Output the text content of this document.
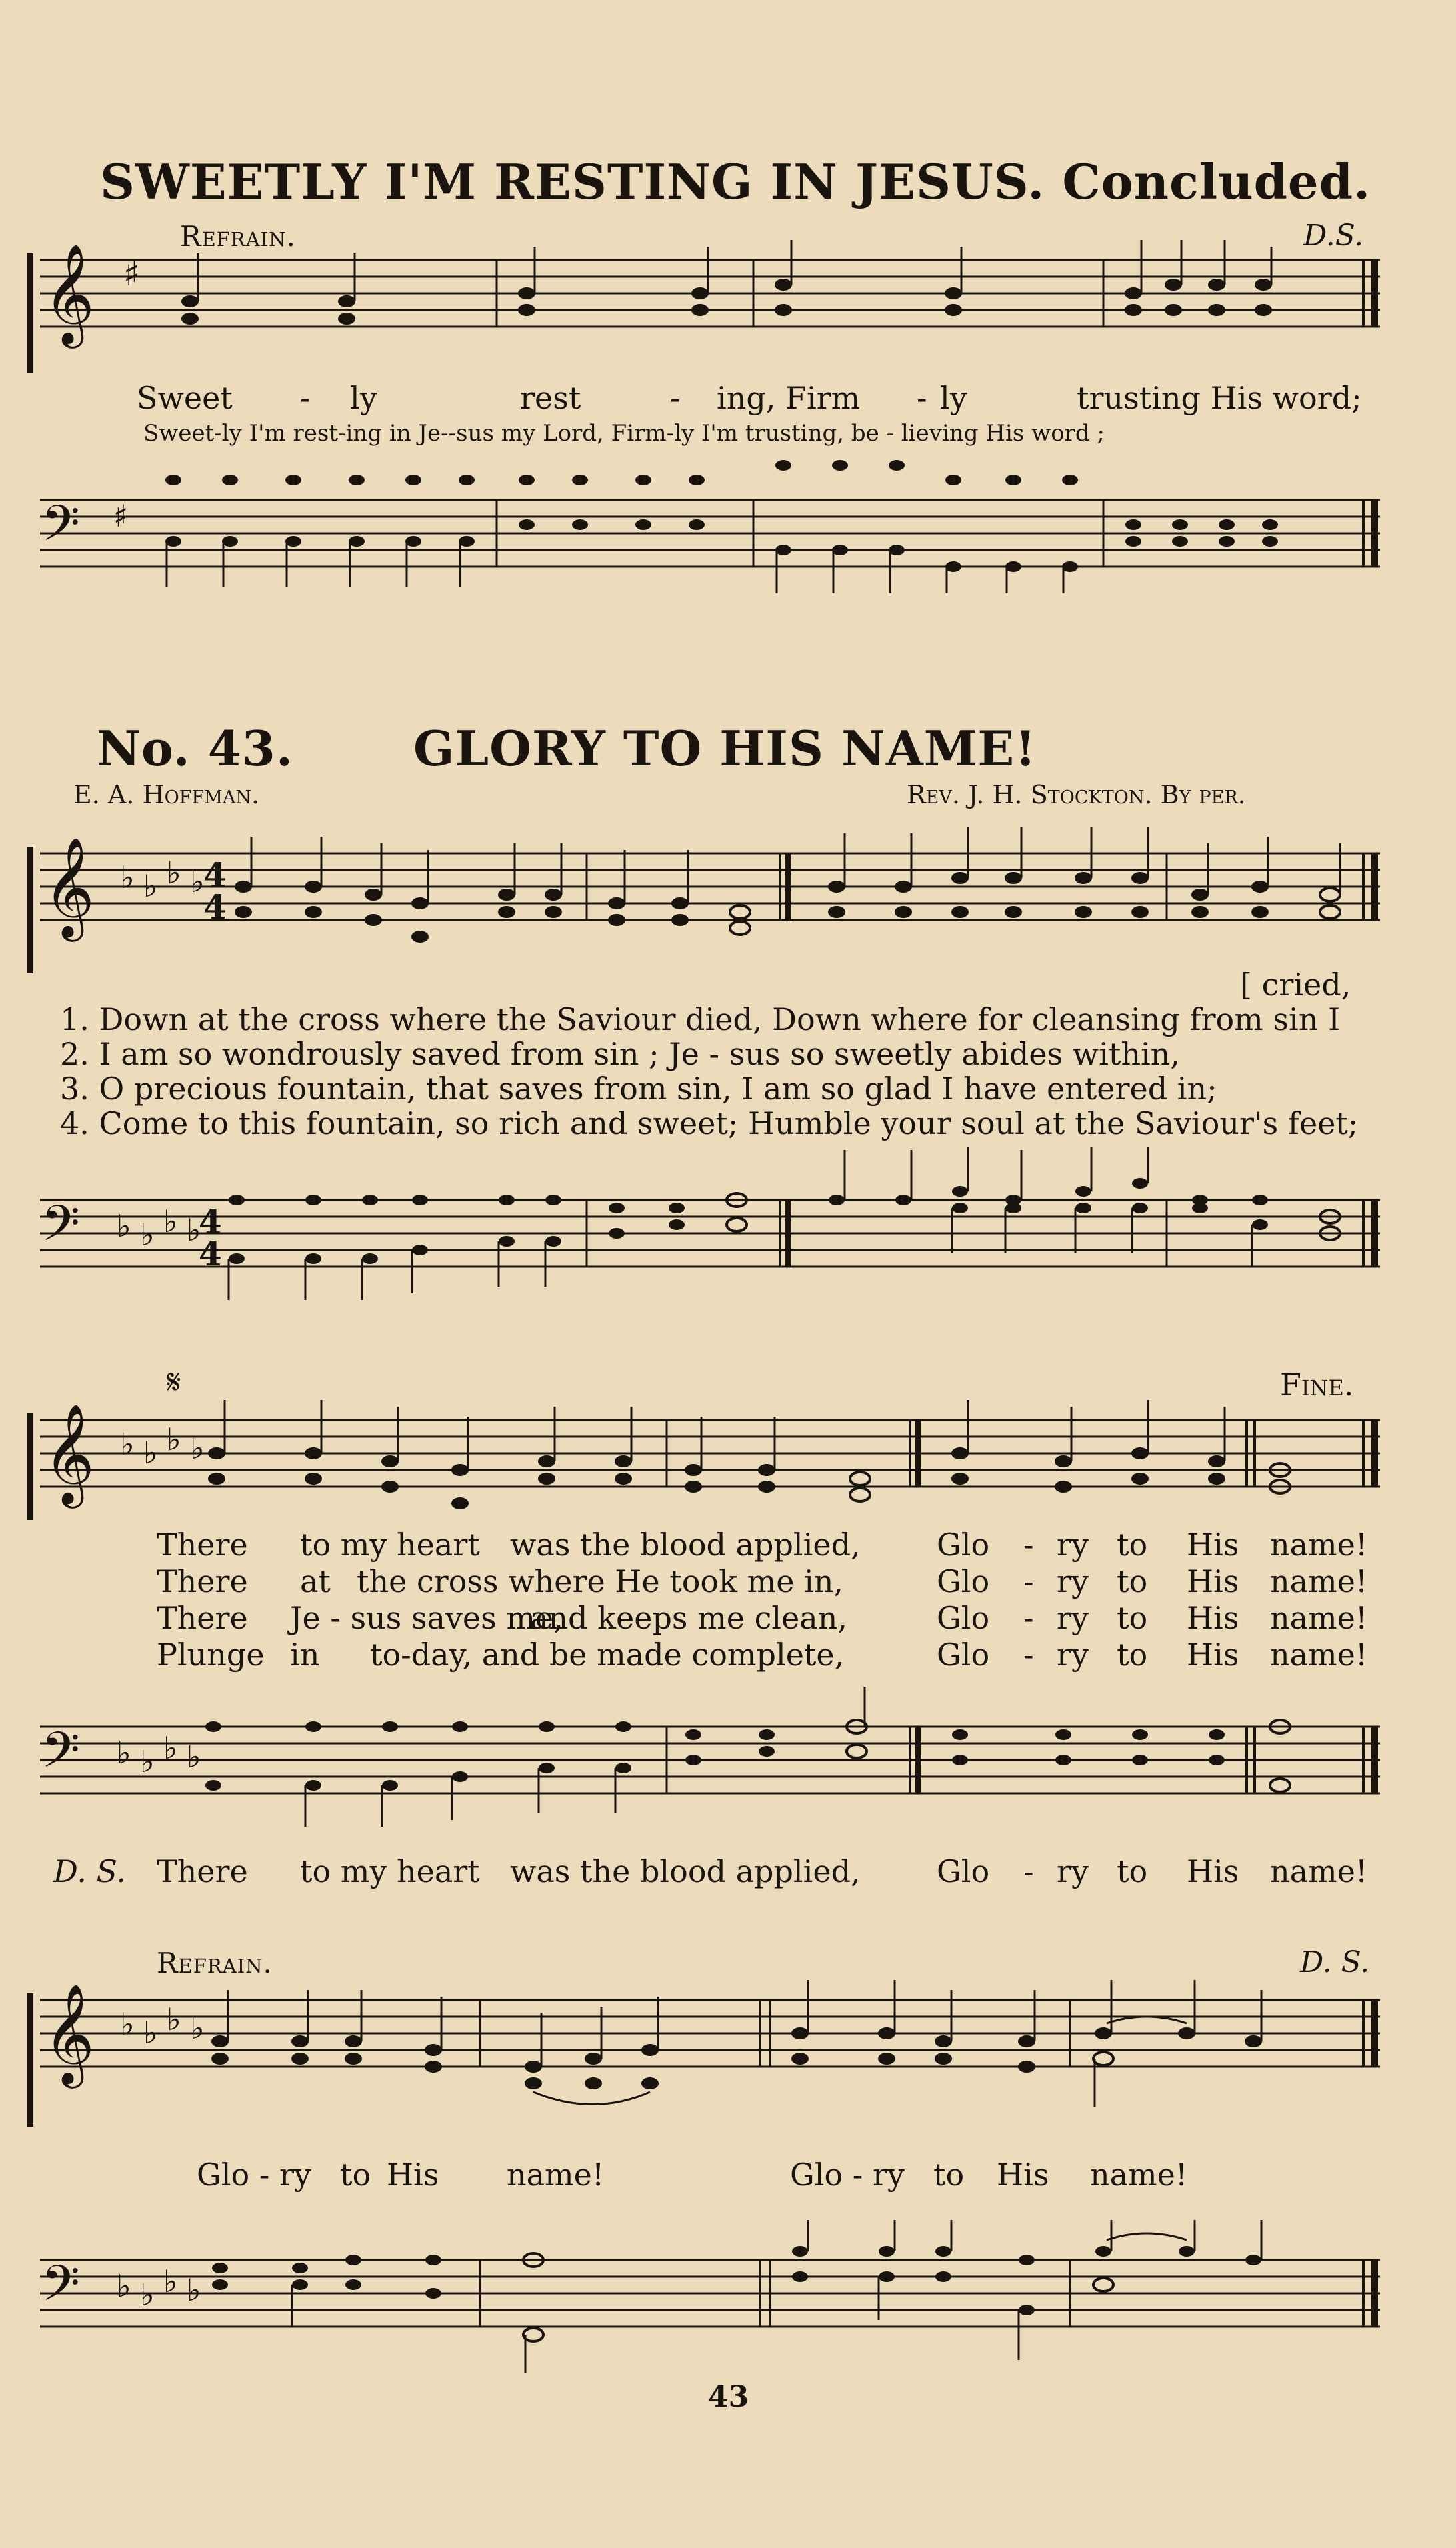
SWEETLY I'M RESTING IN JESUS. Concluded.
Refrain.	D.S.
𝄞 ♯
Sweet - ly	rest	- ing, Firm - ly	trusting His word;
Sweet-ly I'm rest-ing in Je--sus my Lord, Firm-ly I'm trusting, be - lieving His word ;
𝄢 ♯
No. 43.	GLORY TO HIS NAME!
E. A. Hoffman.	Rev. J. H. Stockton. By per.
𝄞 ♭ ♭ ♭ ♭
4
4
[ cried,
1. Down at the cross where the Saviour died, Down where for cleansing from sin I
2. I am so wondrously saved from sin ; Je - sus so sweetly abides within,
3. O precious fountain, that saves from sin, I am so glad I have entered in;
4. Come to this fountain, so rich and sweet; Humble your soul at the Saviour's feet;
𝄢 ♭ ♭ ♭ ♭
4
4
Fine.
𝄞 ♭ ♭ ♭ ♭
𝄋
There to my heart was the blood applied, Glo - ry to His name!
There at the cross where He took me in,	Glo - ry to His name!
There Je - sus saves me,
and keeps me clean,	Glo - ry to His name!
Plunge in to-day, and be made complete,	Glo - ry to His name!
𝄢 ♭ ♭ ♭ ♭
D. S. There to my heart was the blood applied, Glo - ry to His name!
Refrain.	D. S.
𝄞 ♭ ♭ ♭ ♭
Glo - ry to His name!	Glo - ry to His name!
𝄢 ♭ ♭ ♭ ♭
43
